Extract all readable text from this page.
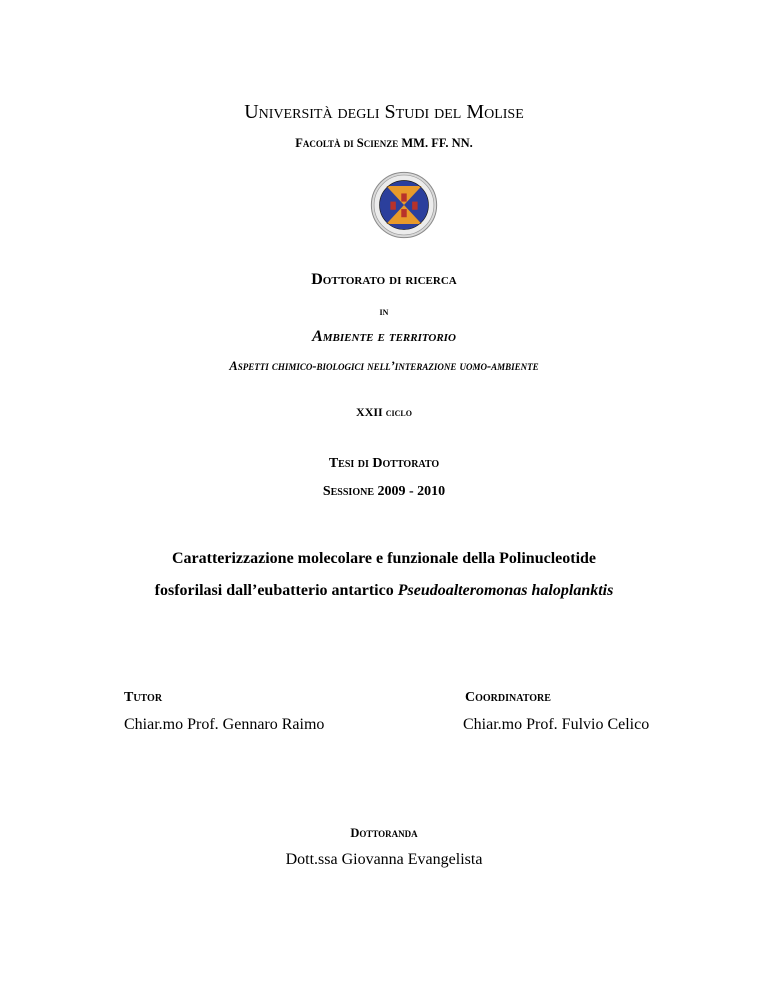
Università degli Studi del Molise
Facoltà di Scienze MM. FF. NN.
Dottorato di ricerca
in
Ambiente e territorio
Aspetti chimico-biologici nell’interazione uomo-ambiente
XXII ciclo
Tesi di Dottorato
Sessione 2009 - 2010
Caratterizzazione molecolare e funzionale della Polinucleotide
fosforilasi dall’eubatterio antartico Pseudoalteromonas haloplanktis
Tutor
Chiar.mo Prof. Gennaro Raimo
Coordinatore
Chiar.mo Prof. Fulvio Celico
Dottoranda
Dott.ssa Giovanna Evangelista
